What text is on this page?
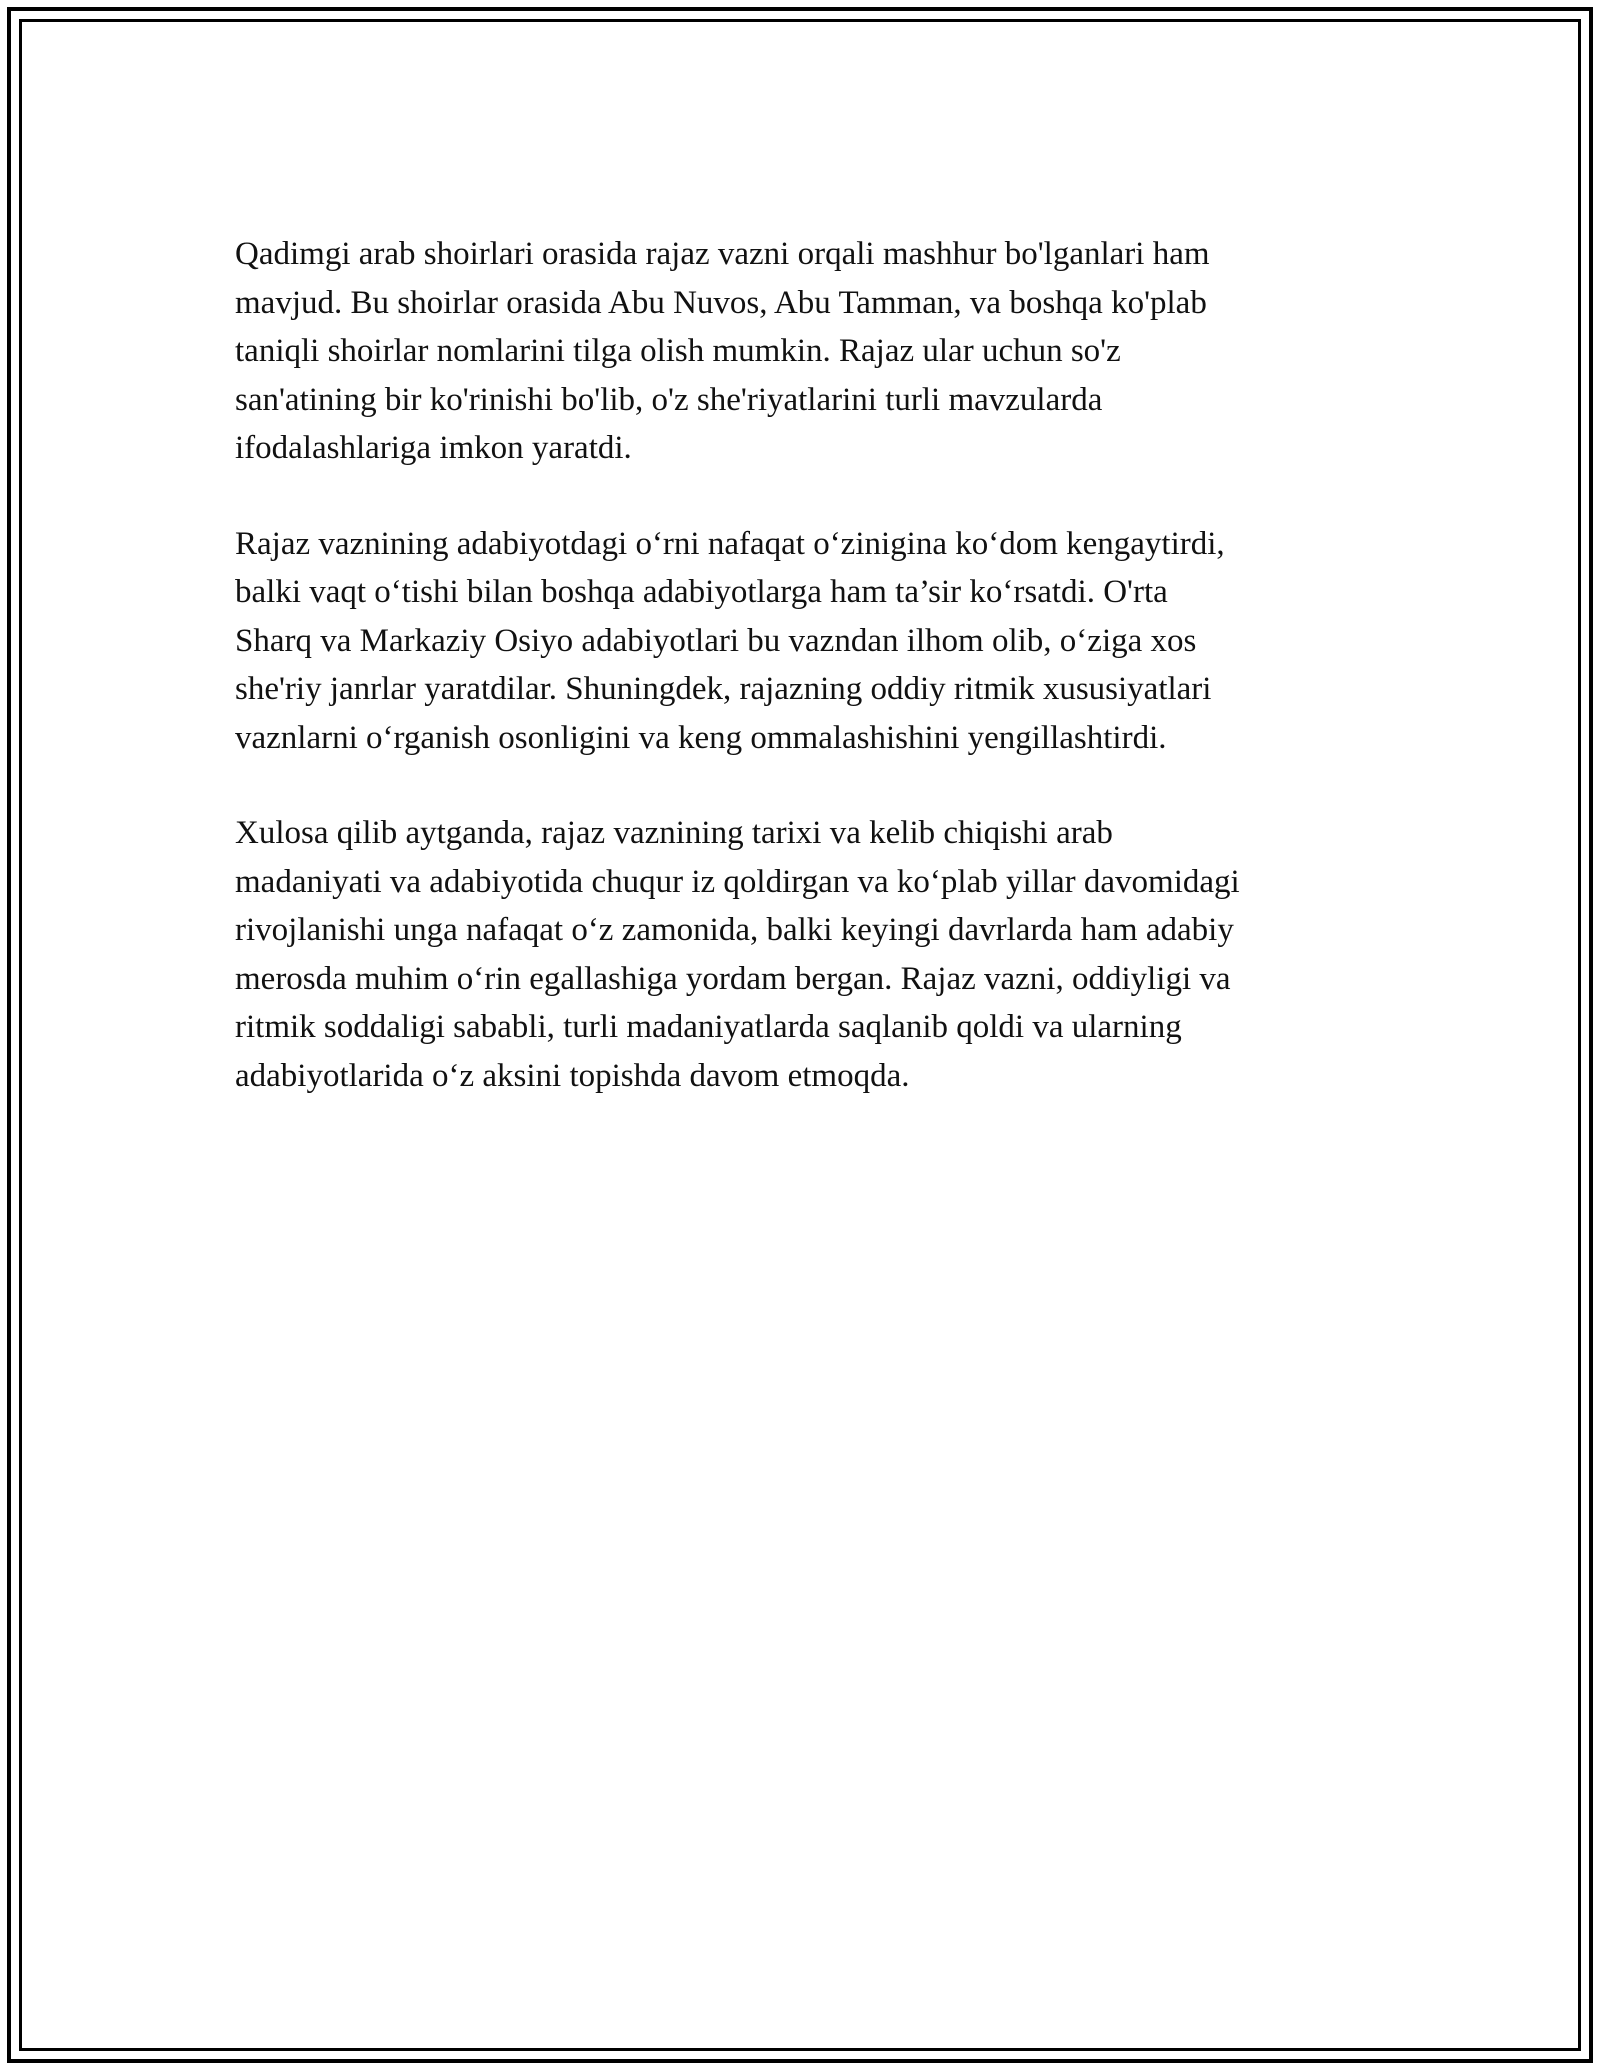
Qadimgi arab shoirlari orasida rajaz vazni orqali mashhur bo'lganlari ham
mavjud. Bu shoirlar orasida Abu Nuvos, Abu Tamman, va boshqa ko'plab
taniqli shoirlar nomlarini tilga olish mumkin. Rajaz ular uchun so'z
san'atining bir ko'rinishi bo'lib, o'z she'riyatlarini turli mavzularda
ifodalashlariga imkon yaratdi.

Rajaz vaznining adabiyotdagi o‘rni nafaqat o‘zinigina ko‘dom kengaytirdi,
balki vaqt o‘tishi bilan boshqa adabiyotlarga ham ta’sir ko‘rsatdi. O'rta
Sharq va Markaziy Osiyo adabiyotlari bu vazndan ilhom olib, o‘ziga xos
she'riy janrlar yaratdilar. Shuningdek, rajazning oddiy ritmik xususiyatlari
vaznlarni o‘rganish osonligini va keng ommalashishini yengillashtirdi.

Xulosa qilib aytganda, rajaz vaznining tarixi va kelib chiqishi arab
madaniyati va adabiyotida chuqur iz qoldirgan va ko‘plab yillar davomidagi
rivojlanishi unga nafaqat o‘z zamonida, balki keyingi davrlarda ham adabiy
merosda muhim o‘rin egallashiga yordam bergan. Rajaz vazni, oddiyligi va
ritmik soddaligi sababli, turli madaniyatlarda saqlanib qoldi va ularning
adabiyotlarida o‘z aksini topishda davom etmoqda.
